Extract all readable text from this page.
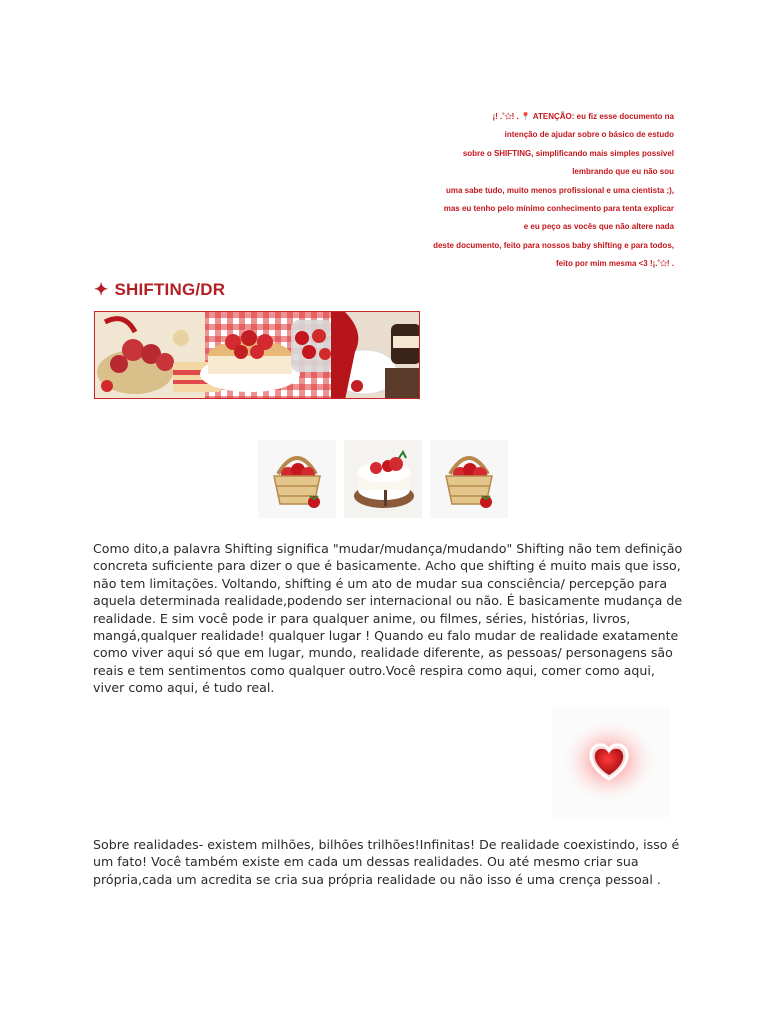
¡! .˚✩! . 📍 ATENÇÃO: eu fiz esse documento na
intenção de ajudar sobre o básico de estudo
sobre o SHIFTING, simplificando mais simples possível
lembrando que eu não sou
uma sabe tudo, muito menos profissional e uma cientista ;),
mas eu tenho pelo mínimo conhecimento para tenta explicar
e eu peço as vocês que não altere nada
deste documento, feito para nossos baby shifting e para todos,
feito por mim mesma <3 !¡.˚✩! .
✦ SHIFTING/DR
Como dito,a palavra Shifting significa "mudar/mudança/mudando" Shifting não tem definição concreta suficiente para dizer o que é basicamente. Acho que shifting é muito mais que isso, não tem limitações. Voltando, shifting é um ato de mudar sua consciência/ percepção para aquela determinada realidade,podendo ser internacional ou não. É basicamente mudança de realidade. E sim você pode ir para qualquer anime, ou filmes, séries, histórias, livros, mangá,qualquer realidade! qualquer lugar ! Quando eu falo mudar de realidade exatamente como viver aqui só que em lugar, mundo, realidade diferente, as pessoas/ personagens são reais e tem sentimentos como qualquer outro.Você respira como aqui, comer como aqui, viver como aqui, é tudo real.
Sobre realidades- existem milhões, bilhões trilhões!Infinitas! De realidade coexistindo, isso é um fato! Você também existe em cada um dessas realidades. Ou até mesmo criar sua própria,cada um acredita se cria sua própria realidade ou não isso é uma crença pessoal .
